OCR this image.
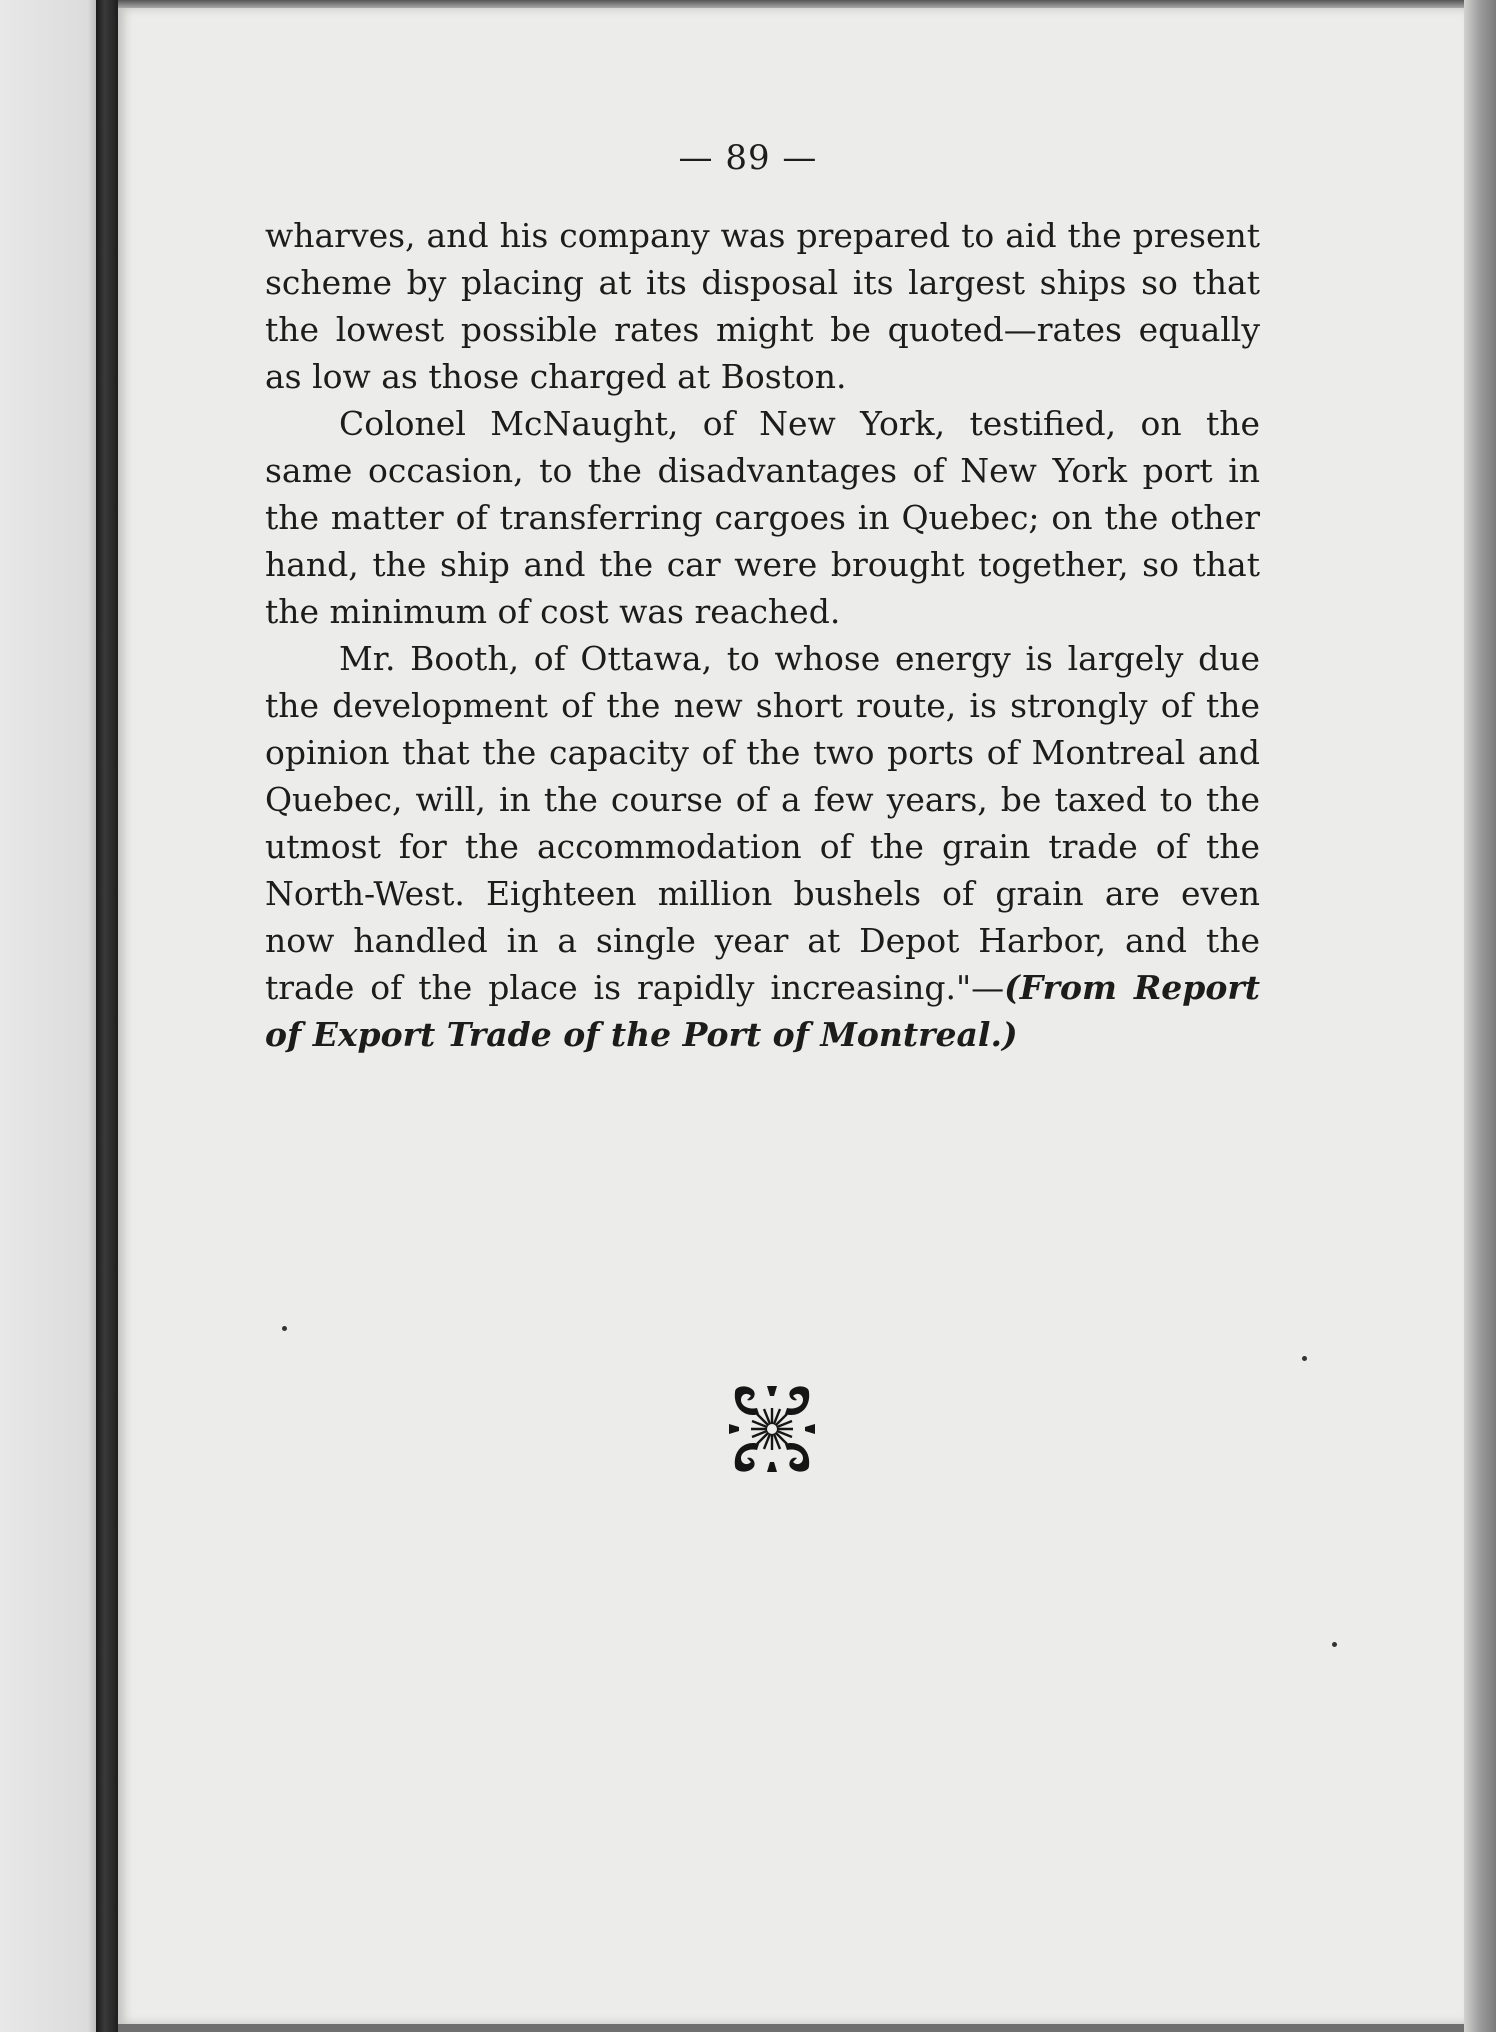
— 89 —

wharves, and his company was prepared to aid the present scheme by placing at its disposal its largest ships so that the lowest possible rates might be quoted—rates equally as low as those charged at Boston.

Colonel McNaught, of New York, testified, on the same occasion, to the disadvantages of New York port in the matter of transferring cargoes in Quebec; on the other hand, the ship and the car were brought together, so that the minimum of cost was reached.

Mr. Booth, of Ottawa, to whose energy is largely due the development of the new short route, is strongly of the opinion that the capacity of the two ports of Montreal and Quebec, will, in the course of a few years, be taxed to the utmost for the accommodation of the grain trade of the North-West. Eighteen million bushels of grain are even now handled in a single year at Depot Harbor, and the trade of the place is rapidly increasing."—(From Report of Export Trade of the Port of Montreal.)
